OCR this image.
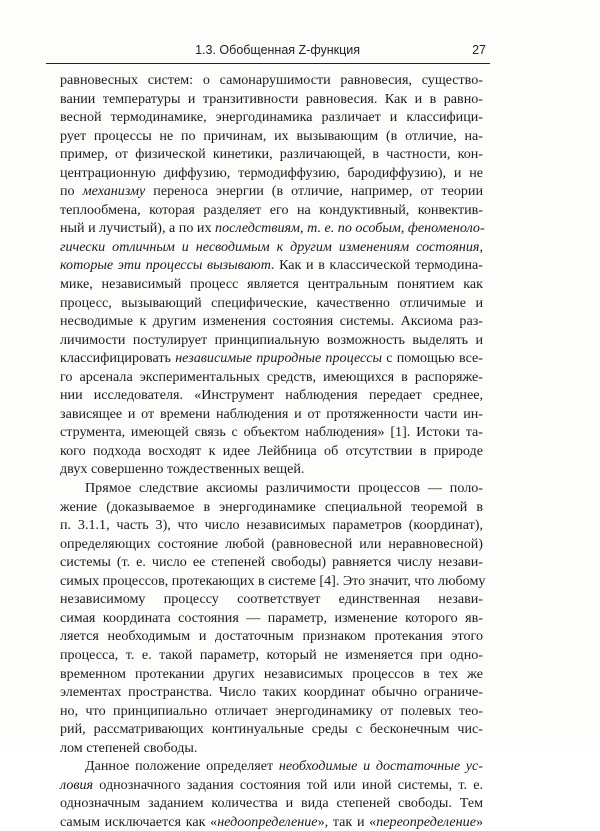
1.3. Обобщенная Z-функция	27
равновесных систем: о самонарушимости равновесия, существо-
вании температуры и транзитивности равновесия. Как и в равно-
весной термодинамике, энергодинамика различает и классифици-
рует процессы не по причинам, их вызывающим (в отличие, на-
пример, от физической кинетики, различающей, в частности, кон-
центрационную диффузию, термодиффузию, бародиффузию), и не
по механизму переноса энергии (в отличие, например, от теории
теплообмена, которая разделяет его на кондуктивный, конвектив-
ный и лучистый), а по их последствиям, т. е. по особым, феноменоло-
гически отличным и несводимым к другим изменениям состояния,
которые эти процессы вызывают. Как и в классической термодина-
мике, независимый процесс является центральным понятием как
процесс, вызывающий специфические, качественно отличимые и
несводимые к другим изменения состояния системы. Аксиома раз-
личимости постулирует принципиальную возможность выделять и
классифицировать независимые природные процессы с помощью все-
го арсенала экспериментальных средств, имеющихся в распоряже-
нии исследователя. «Инструмент наблюдения передает среднее,
зависящее и от времени наблюдения и от протяженности части ин-
струмента, имеющей связь с объектом наблюдения» [1]. Истоки та-
кого подхода восходят к идее Лейбница об отсутствии в природе
двух совершенно тождественных вещей.
Прямое следствие аксиомы различимости процессов — поло-
жение (доказываемое в энергодинамике специальной теоремой в
п. 3.1.1, часть 3), что число независимых параметров (координат),
определяющих состояние любой (равновесной или неравновесной)
системы (т. е. число ее степеней свободы) равняется числу незави-
симых процессов, протекающих в системе [4]. Это значит, что любому
независимому процессу соответствует единственная незави-
симая координата состояния — параметр, изменение которого яв-
ляется необходимым и достаточным признаком протекания этого
процесса, т. е. такой параметр, который не изменяется при одно-
временном протекании других независимых процессов в тех же
элементах пространства. Число таких координат обычно ограниче-
но, что принципиально отличает энергодинамику от полевых тео-
рий, рассматривающих континуальные среды с бесконечным чис-
лом степеней свободы.
Данное положение определяет необходимые и достаточные ус-
ловия однозначного задания состояния той или иной системы, т. е.
однозначным заданием количества и вида степеней свободы. Тем
самым исключается как «недоопределение», так и «переопределение»
